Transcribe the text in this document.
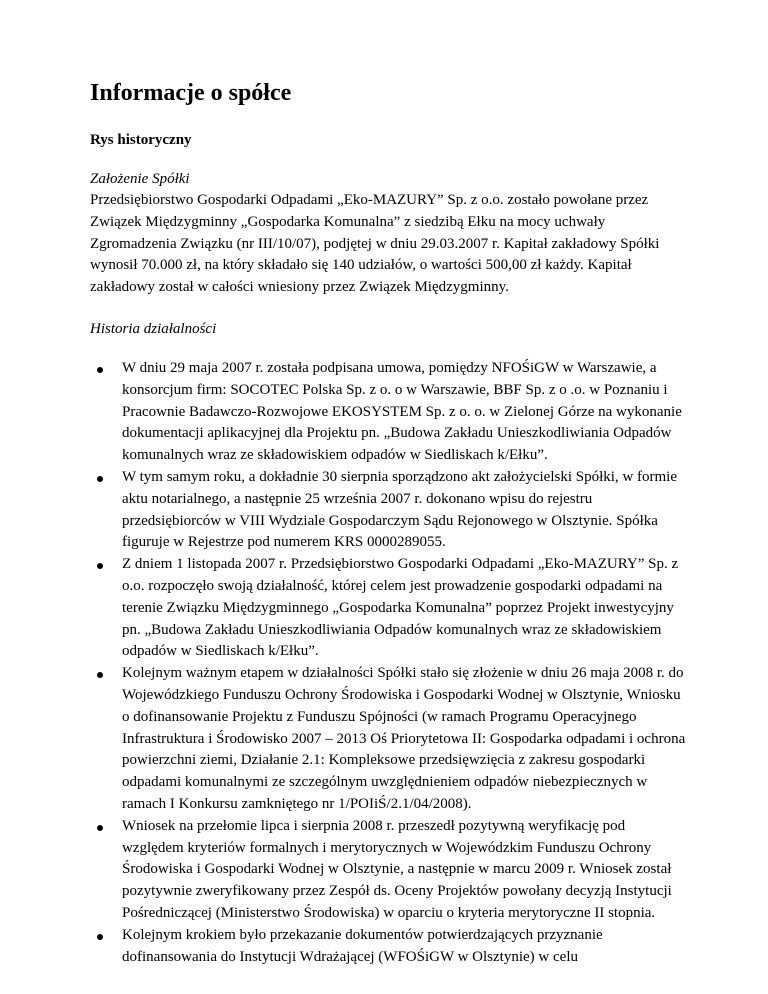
Informacje o spółce
Rys historyczny

Założenie Spółki
Przedsiębiorstwo Gospodarki Odpadami „Eko-MAZURY” Sp. z o.o. zostało powołane przez Związek Międzygminny „Gospodarka Komunalna” z siedzibą Ełku na mocy uchwały Zgromadzenia Związku (nr III/10/07), podjętej w dniu 29.03.2007 r. Kapitał zakładowy Spółki wynosił 70.000 zł, na który składało się 140 udziałów, o wartości 500,00 zł każdy. Kapitał zakładowy został w całości wniesiony przez Związek Międzygminny.

Historia działalności

W dniu 29 maja 2007 r. została podpisana umowa, pomiędzy NFOŚiGW w Warszawie, a konsorcjum firm: SOCOTEC Polska Sp. z o. o w Warszawie, BBF Sp. z o .o. w Poznaniu i Pracownie Badawczo-Rozwojowe EKOSYSTEM Sp. z o. o. w Zielonej Górze na wykonanie dokumentacji aplikacyjnej dla Projektu pn. „Budowa Zakładu Unieszkodliwiania Odpadów komunalnych wraz ze składowiskiem odpadów w Siedliskach k/Ełku”.
W tym samym roku, a dokładnie 30 sierpnia sporządzono akt założycielski Spółki, w formie aktu notarialnego, a następnie 25 września 2007 r. dokonano wpisu do rejestru przedsiębiorców w VIII Wydziale Gospodarczym Sądu Rejonowego w Olsztynie. Spółka figuruje w Rejestrze pod numerem KRS 0000289055.
Z dniem 1 listopada 2007 r. Przedsiębiorstwo Gospodarki Odpadami „Eko-MAZURY” Sp. z o.o. rozpoczęło swoją działalność, której celem jest prowadzenie gospodarki odpadami na terenie Związku Międzygminnego „Gospodarka Komunalna” poprzez Projekt inwestycyjny pn. „Budowa Zakładu Unieszkodliwiania Odpadów komunalnych wraz ze składowiskiem odpadów w Siedliskach k/Ełku”.
Kolejnym ważnym etapem w działalności Spółki stało się złożenie w dniu 26 maja 2008 r. do Wojewódzkiego Funduszu Ochrony Środowiska i Gospodarki Wodnej w Olsztynie, Wniosku o dofinansowanie Projektu z Funduszu Spójności (w ramach Programu Operacyjnego Infrastruktura i Środowisko 2007 – 2013 Oś Priorytetowa II: Gospodarka odpadami i ochrona powierzchni ziemi, Działanie 2.1: Kompleksowe przedsięwzięcia z zakresu gospodarki odpadami komunalnymi ze szczególnym uwzględnieniem odpadów niebezpiecznych w ramach I Konkursu zamkniętego nr 1/POIiŚ/2.1/04/2008).
Wniosek na przełomie lipca i sierpnia 2008 r. przeszedł pozytywną weryfikację pod względem kryteriów formalnych i merytorycznych w Wojewódzkim Funduszu Ochrony Środowiska i Gospodarki Wodnej w Olsztynie, a następnie w marcu 2009 r. Wniosek został pozytywnie zweryfikowany przez Zespół ds. Oceny Projektów powołany decyzją Instytucji Pośredniczącej (Ministerstwo Środowiska) w oparciu o kryteria merytoryczne II stopnia.
Kolejnym krokiem było przekazanie dokumentów potwierdzających przyznanie dofinansowania do Instytucji Wdrażającej (WFOŚiGW w Olsztynie) w celu
